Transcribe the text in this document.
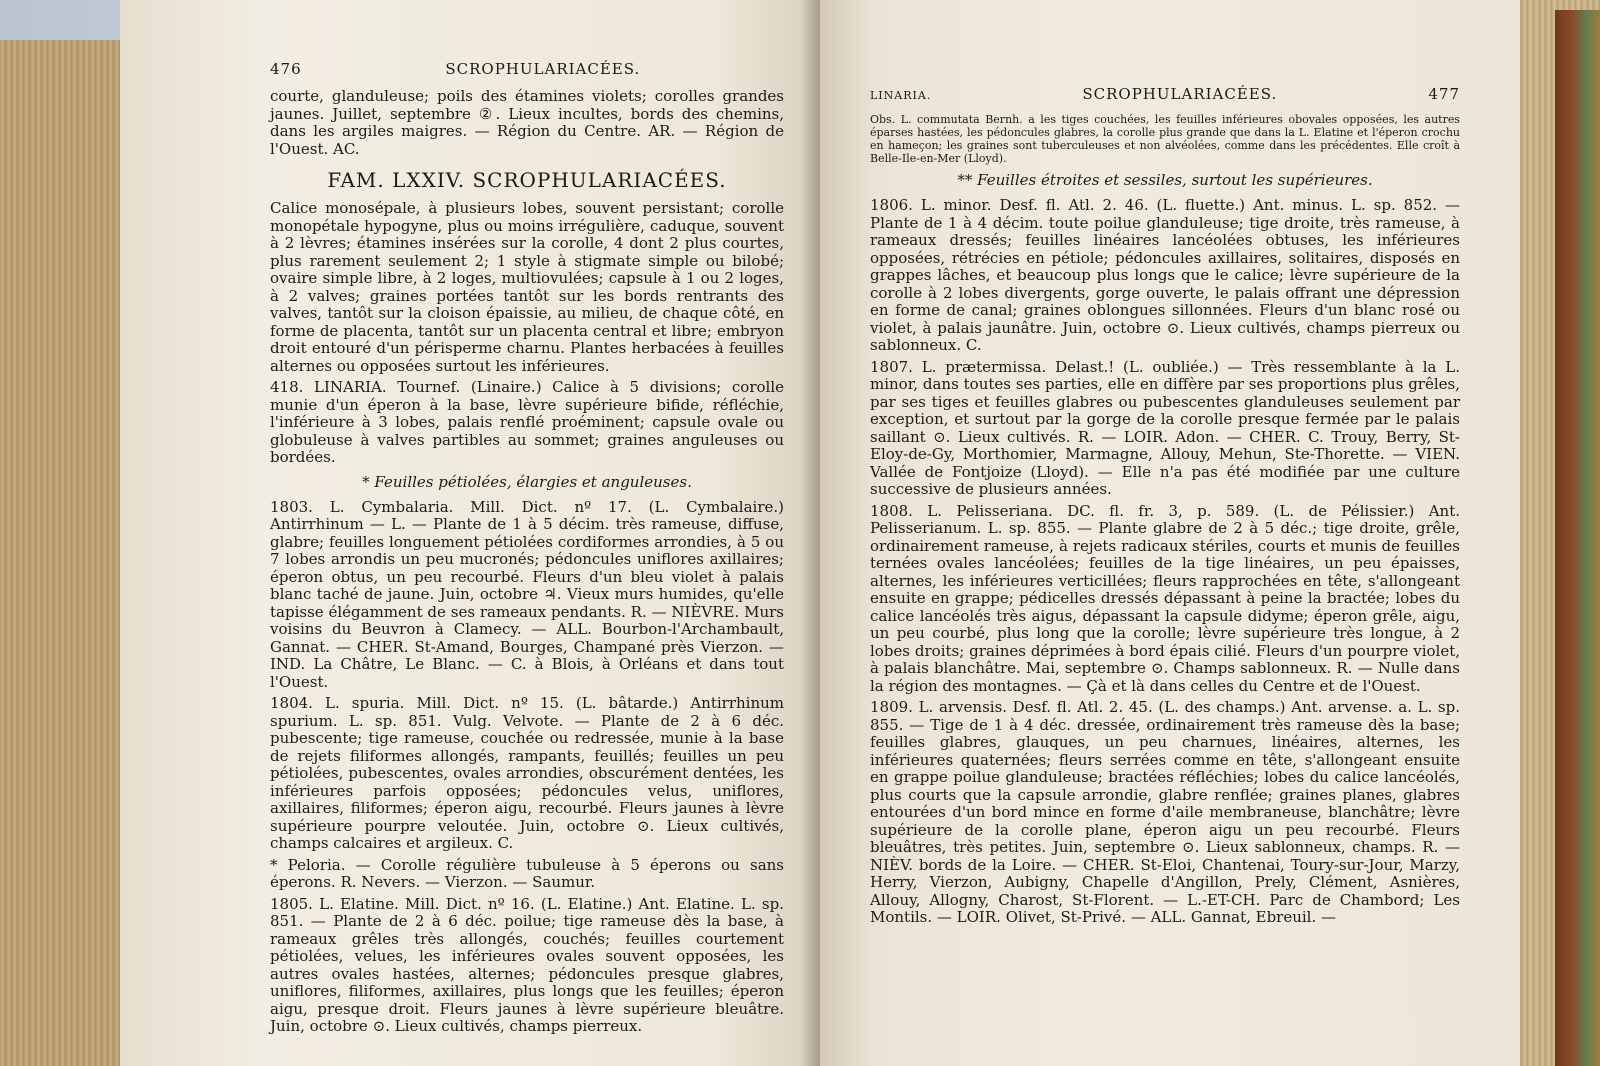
476	SCROPHULARIACÉES.

courte, glanduleuse; poils des étamines violets; corolles grandes jaunes. Juillet, septembre ②. Lieux incultes, bords des chemins, dans les argiles maigres. — Région du Centre. AR. — Région de l'Ouest. AC.

FAM. LXXIV. SCROPHULARIACÉES.

Calice monosépale, à plusieurs lobes, souvent persistant; corolle monopétale hypogyne, plus ou moins irrégulière, caduque, souvent à 2 lèvres; étamines insérées sur la corolle, 4 dont 2 plus courtes, plus rarement seulement 2; 1 style à stigmate simple ou bilobé; ovaire simple libre, à 2 loges, multiovulées; capsule à 1 ou 2 loges, à 2 valves; graines portées tantôt sur les bords rentrants des valves, tantôt sur la cloison épaissie, au milieu, de chaque côté, en forme de placenta, tantôt sur un placenta central et libre; embryon droit entouré d'un périsperme charnu. Plantes herbacées à feuilles alternes ou opposées surtout les inférieures.

418. LINARIA. Tournef. (Linaire.) Calice à 5 divisions; corolle munie d'un éperon à la base, lèvre supérieure bifide, réfléchie, l'inférieure à 3 lobes, palais renflé proéminent; capsule ovale ou globuleuse à valves partibles au sommet; graines anguleuses ou bordées.

* Feuilles pétiolées, élargies et anguleuses.

1803. L. Cymbalaria. Mill. Dict. nº 17. (L. Cymbalaire.) Antirrhinum — L. — Plante de 1 à 5 décim. très rameuse, diffuse, glabre; feuilles longuement pétiolées cordiformes arrondies, à 5 ou 7 lobes arrondis un peu mucronés; pédoncules uniflores axillaires; éperon obtus, un peu recourbé. Fleurs d'un bleu violet à palais blanc taché de jaune. Juin, octobre ♃. Vieux murs humides, qu'elle tapisse élégamment de ses rameaux pendants. R. — NIÈVRE. Murs voisins du Beuvron à Clamecy. — ALL. Bourbon-l'Archambault, Gannat. — CHER. St-Amand, Bourges, Champané près Vierzon. — IND. La Châtre, Le Blanc. — C. à Blois, à Orléans et dans tout l'Ouest.

1804. L. spuria. Mill. Dict. nº 15. (L. bâtarde.) Antirrhinum spurium. L. sp. 851. Vulg. Velvote. — Plante de 2 à 6 déc. pubescente; tige rameuse, couchée ou redressée, munie à la base de rejets filiformes allongés, rampants, feuillés; feuilles un peu pétiolées, pubescentes, ovales arrondies, obscurément dentées, les inférieures parfois opposées; pédoncules velus, uniflores, axillaires, filiformes; éperon aigu, recourbé. Fleurs jaunes à lèvre supérieure pourpre veloutée. Juin, octobre ⊙. Lieux cultivés, champs calcaires et argileux. C.

* Peloria. — Corolle régulière tubuleuse à 5 éperons ou sans éperons. R. Nevers. — Vierzon. — Saumur.

1805. L. Elatine. Mill. Dict. nº 16. (L. Elatine.) Ant. Elatine. L. sp. 851. — Plante de 2 à 6 déc. poilue; tige rameuse dès la base, à rameaux grêles très allongés, couchés; feuilles courtement pétiolées, velues, les inférieures ovales souvent opposées, les autres ovales hastées, alternes; pédoncules presque glabres, uniflores, filiformes, axillaires, plus longs que les feuilles; éperon aigu, presque droit. Fleurs jaunes à lèvre supérieure bleuâtre. Juin, octobre ⊙. Lieux cultivés, champs pierreux.

LINARIA.	SCROPHULARIACÉES.	477

Obs. L. commutata Bernh. a les tiges couchées, les feuilles inférieures obovales opposées, les autres éparses hastées, les pédoncules glabres, la corolle plus grande que dans la L. Elatine et l'éperon crochu en hameçon; les graines sont tuberculeuses et non alvéolées, comme dans les précédentes. Elle croît à Belle-Ile-en-Mer (Lloyd).

** Feuilles étroites et sessiles, surtout les supérieures.

1806. L. minor. Desf. fl. Atl. 2. 46. (L. fluette.) Ant. minus. L. sp. 852. — Plante de 1 à 4 décim. toute poilue glanduleuse; tige droite, très rameuse, à rameaux dressés; feuilles linéaires lancéolées obtuses, les inférieures opposées, rétrécies en pétiole; pédoncules axillaires, solitaires, disposés en grappes lâches, et beaucoup plus longs que le calice; lèvre supérieure de la corolle à 2 lobes divergents, gorge ouverte, le palais offrant une dépression en forme de canal; graines oblongues sillonnées. Fleurs d'un blanc rosé ou violet, à palais jaunâtre. Juin, octobre ⊙. Lieux cultivés, champs pierreux ou sablonneux. C.

1807. L. prætermissa. Delast.! (L. oubliée.) — Très ressemblante à la L. minor, dans toutes ses parties, elle en diffère par ses proportions plus grêles, par ses tiges et feuilles glabres ou pubescentes glanduleuses seulement par exception, et surtout par la gorge de la corolle presque fermée par le palais saillant ⊙. Lieux cultivés. R. — LOIR. Adon. — CHER. C. Trouy, Berry, St-Eloy-de-Gy, Morthomier, Marmagne, Allouy, Mehun, Ste-Thorette. — VIEN. Vallée de Fontjoize (Lloyd). — Elle n'a pas été modifiée par une culture successive de plusieurs années.

1808. L. Pelisseriana. DC. fl. fr. 3, p. 589. (L. de Pélissier.) Ant. Pelisserianum. L. sp. 855. — Plante glabre de 2 à 5 déc.; tige droite, grêle, ordinairement rameuse, à rejets radicaux stériles, courts et munis de feuilles ternées ovales lancéolées; feuilles de la tige linéaires, un peu épaisses, alternes, les inférieures verticillées; fleurs rapprochées en tête, s'allongeant ensuite en grappe; pédicelles dressés dépassant à peine la bractée; lobes du calice lancéolés très aigus, dépassant la capsule didyme; éperon grêle, aigu, un peu courbé, plus long que la corolle; lèvre supérieure très longue, à 2 lobes droits; graines déprimées à bord épais cilié. Fleurs d'un pourpre violet, à palais blanchâtre. Mai, septembre ⊙. Champs sablonneux. R. — Nulle dans la région des montagnes. — Çà et là dans celles du Centre et de l'Ouest.

1809. L. arvensis. Desf. fl. Atl. 2. 45. (L. des champs.) Ant. arvense. a. L. sp. 855. — Tige de 1 à 4 déc. dressée, ordinairement très rameuse dès la base; feuilles glabres, glauques, un peu charnues, linéaires, alternes, les inférieures quaternées; fleurs serrées comme en tête, s'allongeant ensuite en grappe poilue glanduleuse; bractées réfléchies; lobes du calice lancéolés, plus courts que la capsule arrondie, glabre renflée; graines planes, glabres entourées d'un bord mince en forme d'aile membraneuse, blanchâtre; lèvre supérieure de la corolle plane, éperon aigu un peu recourbé. Fleurs bleuâtres, très petites. Juin, septembre ⊙. Lieux sablonneux, champs. R. — NIÈV. bords de la Loire. — CHER. St-Eloi, Chantenai, Toury-sur-Jour, Marzy, Herry, Vierzon, Aubigny, Chapelle d'Angillon, Prely, Clément, Asnières, Allouy, Allogny, Charost, St-Florent. — L.-ET-CH. Parc de Chambord; Les Montils. — LOIR. Olivet, St-Privé. — ALL. Gannat, Ebreuil. —
